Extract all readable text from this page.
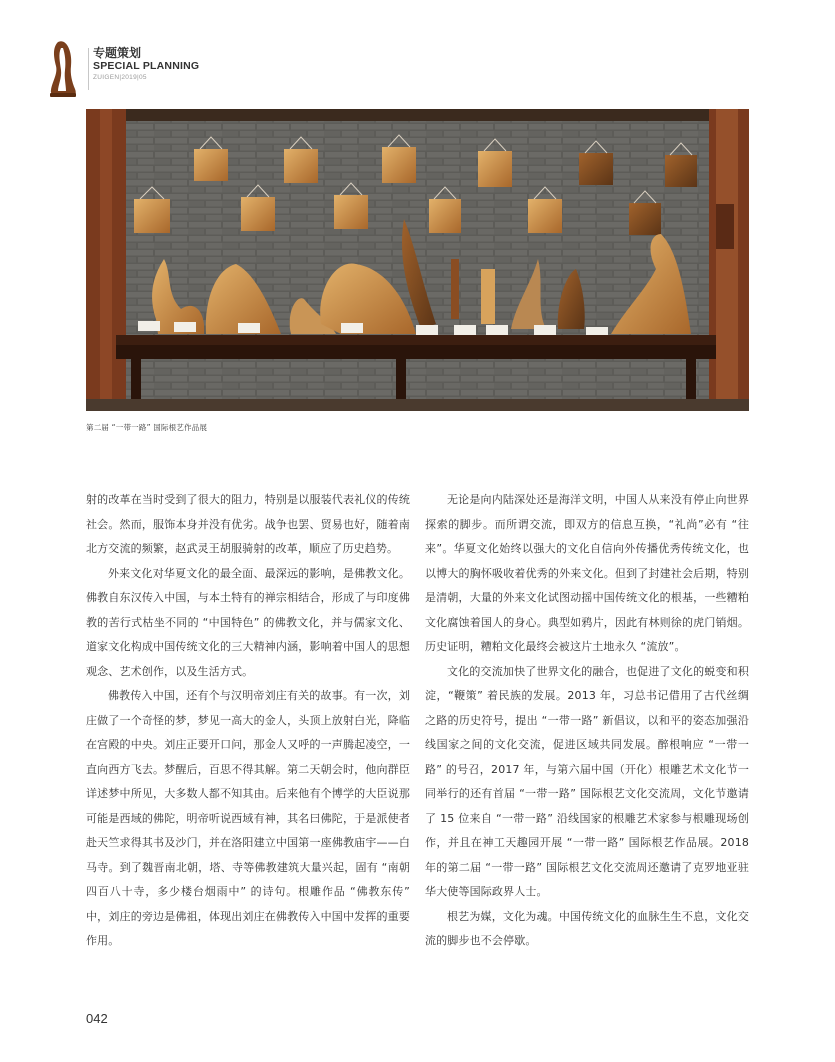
专题策划
SPECIAL PLANNING
ZUIGEN|2019|05
第二届 “一带一路” 国际根艺作品展

射的改革在当时受到了很大的阻力，特别是以服装代表礼仪的传统社会。然而，服饰本身并没有优劣。战争也罢、贸易也好，随着南北方交流的频繁，赵武灵王胡服骑射的改革，顺应了历史趋势。

外来文化对华夏文化的最全面、最深远的影响，是佛教文化。佛教自东汉传入中国，与本土特有的禅宗相结合，形成了与印度佛教的苦行式枯坐不同的 “中国特色” 的佛教文化，并与儒家文化、道家文化构成中国传统文化的三大精神内涵，影响着中国人的思想观念、艺术创作，以及生活方式。

佛教传入中国，还有个与汉明帝刘庄有关的故事。有一次，刘庄做了一个奇怪的梦，梦见一高大的金人，头顶上放射白光，降临在宫殿的中央。刘庄正要开口问，那金人又呼的一声腾起凌空，一直向西方飞去。梦醒后，百思不得其解。第二天朝会时，他向群臣详述梦中所见，大多数人都不知其由。后来他有个博学的大臣说那可能是西域的佛陀，明帝听说西域有神，其名曰佛陀，于是派使者赴天竺求得其书及沙门，并在洛阳建立中国第一座佛教庙宇——白马寺。到了魏晋南北朝，塔、寺等佛教建筑大量兴起，固有 “南朝四百八十寺，多少楼台烟雨中” 的诗句。根雕作品 “佛教东传” 中，刘庄的旁边是佛祖，体现出刘庄在佛教传入中国中发挥的重要作用。

无论是向内陆深处还是海洋文明，中国人从来没有停止向世界探索的脚步。而所谓交流，即双方的信息互换，“礼尚”必有 “往来”。华夏文化始终以强大的文化自信向外传播优秀传统文化，也以博大的胸怀吸收着优秀的外来文化。但到了封建社会后期，特别是清朝，大量的外来文化试图动摇中国传统文化的根基，一些糟粕文化腐蚀着国人的身心。典型如鸦片，因此有林则徐的虎门销烟。历史证明，糟粕文化最终会被这片土地永久 “流放”。

文化的交流加快了世界文化的融合，也促进了文化的蜕变和积淀，“鞭策” 着民族的发展。2013 年，习总书记借用了古代丝绸之路的历史符号，提出 “一带一路” 新倡议，以和平的姿态加强沿线国家之间的文化交流，促进区域共同发展。醉根响应 “一带一路” 的号召，2017 年，与第六届中国（开化）根雕艺术文化节一同举行的还有首届 “一带一路” 国际根艺文化交流周，文化节邀请了 15 位来自 “一带一路” 沿线国家的根雕艺术家参与根雕现场创作，并且在神工天趣园开展 “一带一路” 国际根艺作品展。2018 年的第二届 “一带一路” 国际根艺文化交流周还邀请了克罗地亚驻华大使等国际政界人士。

根艺为媒，文化为魂。中国传统文化的血脉生生不息，文化交流的脚步也不会停歇。

042
